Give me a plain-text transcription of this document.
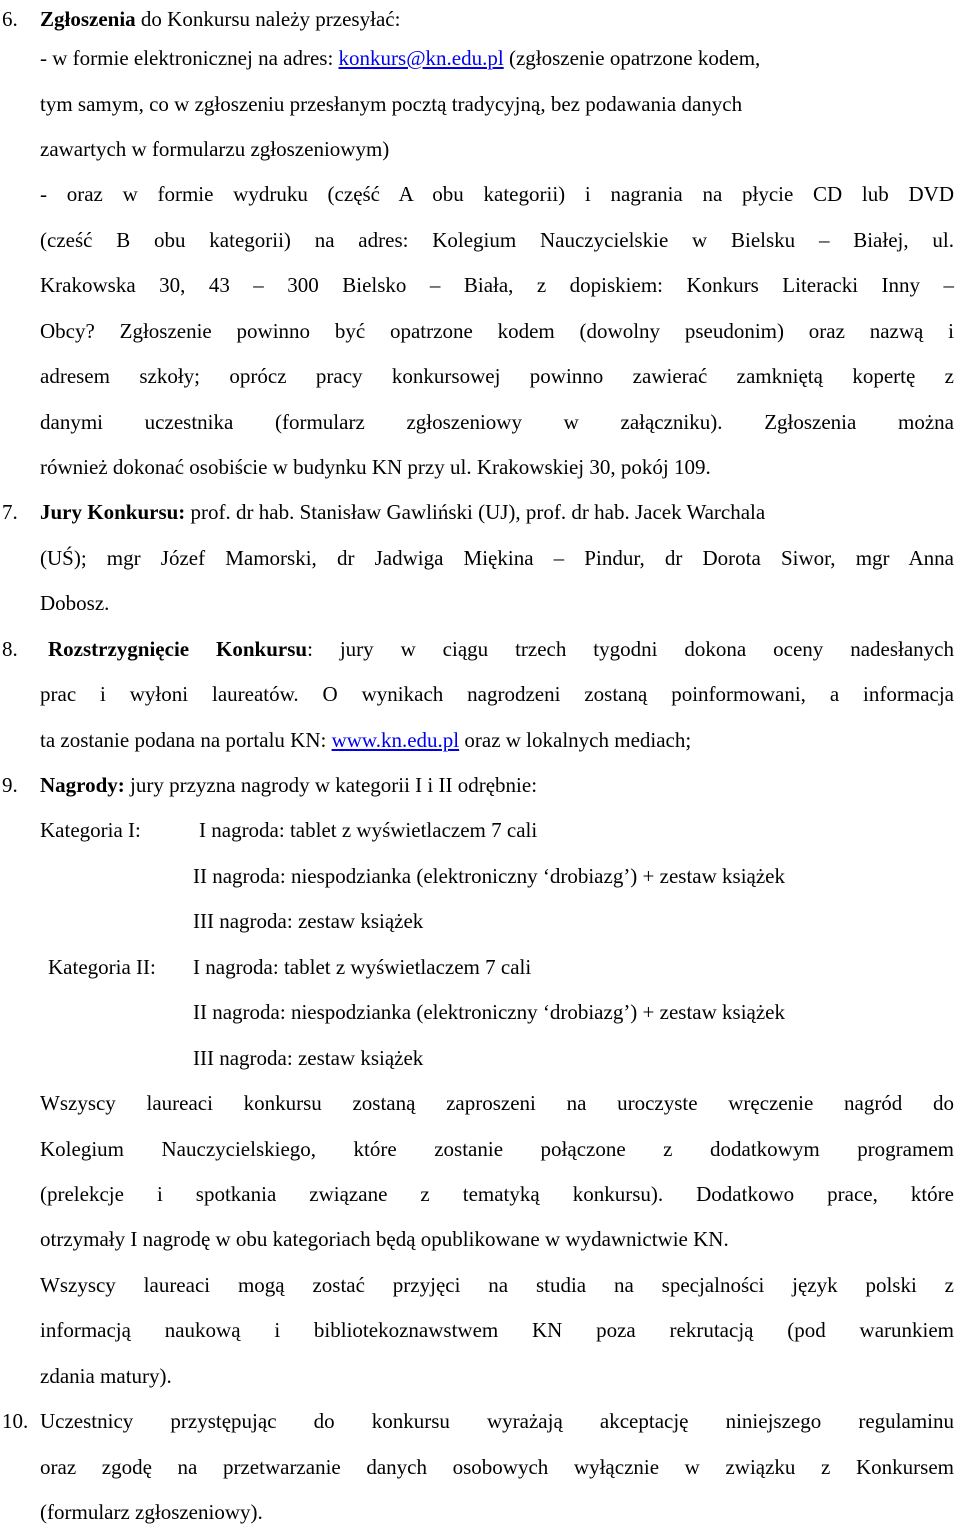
6. Zgłoszenia do Konkursu należy przesyłać:
- w formie elektronicznej na adres: konkurs@kn.edu.pl (zgłoszenie opatrzone kodem,
tym samym, co w zgłoszeniu przesłanym pocztą tradycyjną, bez podawania danych
zawartych w formularzu zgłoszeniowym)
- oraz w formie wydruku (część A obu kategorii) i nagrania na płycie CD lub DVD
(cześć B obu kategorii) na adres: Kolegium Nauczycielskie w Bielsku – Białej, ul.
Krakowska 30, 43 – 300 Bielsko – Biała, z dopiskiem: Konkurs Literacki Inny –
Obcy? Zgłoszenie powinno być opatrzone kodem (dowolny pseudonim) oraz nazwą i
adresem szkoły; oprócz pracy konkursowej powinno zawierać zamkniętą kopertę z
danymi uczestnika (formularz zgłoszeniowy w załączniku). Zgłoszenia można
również dokonać osobiście w budynku KN przy ul. Krakowskiej 30, pokój 109.
7. Jury Konkursu: prof. dr hab. Stanisław Gawliński (UJ), prof. dr hab. Jacek Warchala
(UŚ); mgr Józef Mamorski, dr Jadwiga Miękina – Pindur, dr Dorota Siwor, mgr Anna
Dobosz.
8. Rozstrzygnięcie Konkursu: jury w ciągu trzech tygodni dokona oceny nadesłanych
prac i wyłoni laureatów. O wynikach nagrodzeni zostaną poinformowani, a informacja
ta zostanie podana na portalu KN: www.kn.edu.pl oraz w lokalnych mediach;
9. Nagrody: jury przyzna nagrody w kategorii I i II odrębnie:
Kategoria I:	I nagroda: tablet z wyświetlaczem 7 cali
II nagroda: niespodzianka (elektroniczny ‘drobiazg’) + zestaw książek
III nagroda: zestaw książek
Kategoria II: I nagroda: tablet z wyświetlaczem 7 cali
II nagroda: niespodzianka (elektroniczny ‘drobiazg’) + zestaw książek
III nagroda: zestaw książek
Wszyscy laureaci konkursu zostaną zaproszeni na uroczyste wręczenie nagród do
Kolegium Nauczycielskiego, które zostanie połączone z dodatkowym programem
(prelekcje i spotkania związane z tematyką konkursu). Dodatkowo prace, które
otrzymały I nagrodę w obu kategoriach będą opublikowane w wydawnictwie KN.
Wszyscy laureaci mogą zostać przyjęci na studia na specjalności język polski z
informacją naukową i bibliotekoznawstwem KN poza rekrutacją (pod warunkiem
zdania matury).
10. Uczestnicy przystępując do konkursu wyrażają akceptację niniejszego regulaminu
oraz zgodę na przetwarzanie danych osobowych wyłącznie w związku z Konkursem
(formularz zgłoszeniowy).
